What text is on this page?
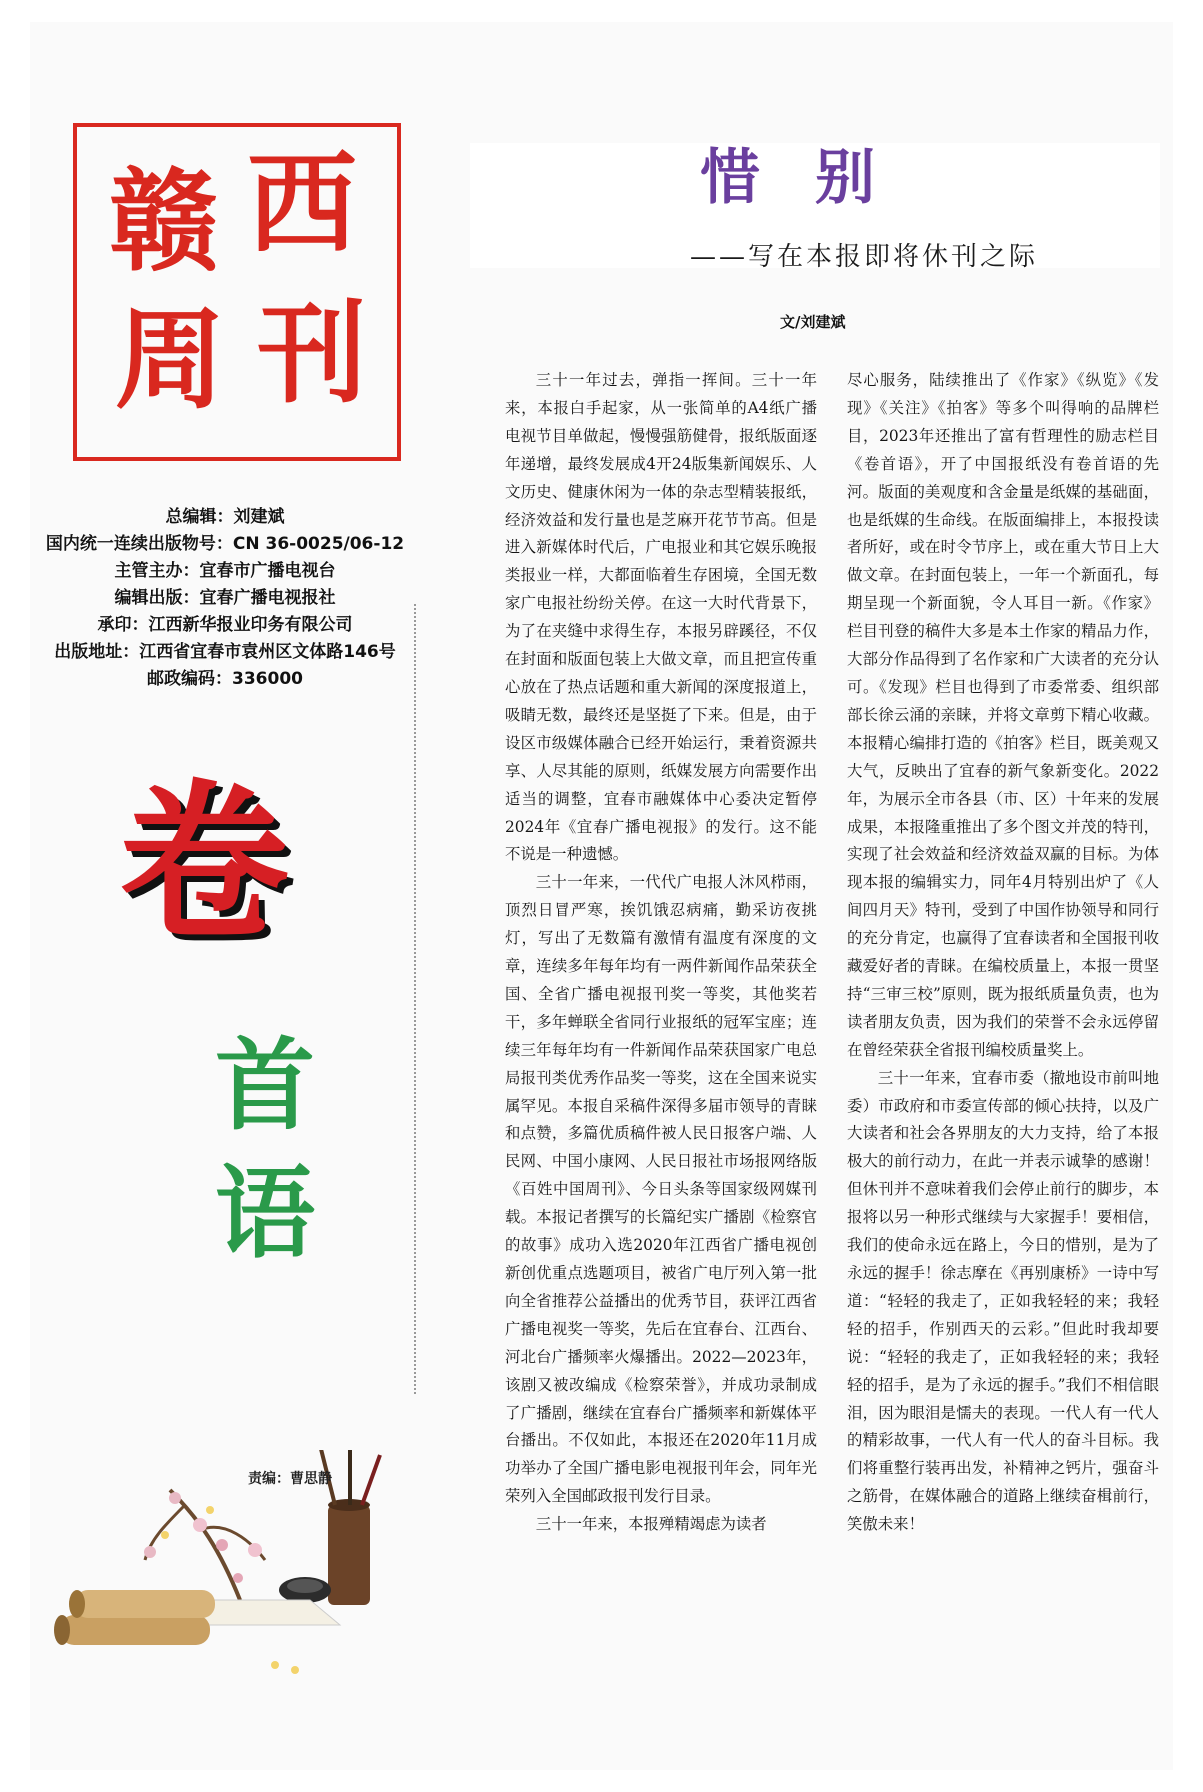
赣 西
周 刊
总编辑：刘建斌
国内统一连续出版物号：CN 36-0025/06-12
主管主办：宜春市广播电视台
编辑出版：宜春广播电视报社
承印：江西新华报业印务有限公司
出版地址：江西省宜春市袁州区文体路146号
邮政编码：336000
卷
首
语
责编：曹思静
惜别
——写在本报即将休刊之际
文/刘建斌

三十一年过去，弹指一挥间。三十一年来，本报白手起家，从一张简单的A4纸广播电视节目单做起，慢慢强筋健骨，报纸版面逐年递增，最终发展成4开24版集新闻娱乐、人文历史、健康休闲为一体的杂志型精装报纸，经济效益和发行量也是芝麻开花节节高。但是进入新媒体时代后，广电报业和其它娱乐晚报类报业一样，大都面临着生存困境，全国无数家广电报社纷纷关停。在这一大时代背景下，为了在夹缝中求得生存，本报另辟蹊径，不仅在封面和版面包装上大做文章，而且把宣传重心放在了热点话题和重大新闻的深度报道上，吸睛无数，最终还是坚挺了下来。但是，由于设区市级媒体融合已经开始运行，秉着资源共享、人尽其能的原则，纸媒发展方向需要作出适当的调整，宜春市融媒体中心委决定暂停2024年《宜春广播电视报》的发行。这不能不说是一种遗憾。

三十一年来，一代代广电报人沐风栉雨，顶烈日冒严寒，挨饥饿忍病痛，勤采访夜挑灯，写出了无数篇有激情有温度有深度的文章，连续多年每年均有一两件新闻作品荣获全国、全省广播电视报刊奖一等奖，其他奖若干，多年蝉联全省同行业报纸的冠军宝座；连续三年每年均有一件新闻作品荣获国家广电总局报刊类优秀作品奖一等奖，这在全国来说实属罕见。本报自采稿件深得多届市领导的青睐和点赞，多篇优质稿件被人民日报客户端、人民网、中国小康网、人民日报社市场报网络版《百姓中国周刊》、今日头条等国家级网媒刊载。本报记者撰写的长篇纪实广播剧《检察官的故事》成功入选2020年江西省广播电视创新创优重点选题项目，被省广电厅列入第一批向全省推荐公益播出的优秀节目，获评江西省广播电视奖一等奖，先后在宜春台、江西台、河北台广播频率火爆播出。2022—2023年，该剧又被改编成《检察荣誉》，并成功录制成了广播剧，继续在宜春台广播频率和新媒体平台播出。不仅如此，本报还在2020年11月成功举办了全国广播电影电视报刊年会，同年光荣列入全国邮政报刊发行目录。

三十一年来，本报殚精竭虑为读者

尽心服务，陆续推出了《作家》《纵览》《发现》《关注》《拍客》等多个叫得响的品牌栏目，2023年还推出了富有哲理性的励志栏目《卷首语》，开了中国报纸没有卷首语的先河。版面的美观度和含金量是纸媒的基础面，也是纸媒的生命线。在版面编排上，本报投读者所好，或在时令节序上，或在重大节日上大做文章。在封面包装上，一年一个新面孔，每期呈现一个新面貌，令人耳目一新。《作家》栏目刊登的稿件大多是本土作家的精品力作，大部分作品得到了名作家和广大读者的充分认可。《发现》栏目也得到了市委常委、组织部部长徐云涌的亲睐，并将文章剪下精心收藏。本报精心编排打造的《拍客》栏目，既美观又大气，反映出了宜春的新气象新变化。2022年，为展示全市各县（市、区）十年来的发展成果，本报隆重推出了多个图文并茂的特刊，实现了社会效益和经济效益双赢的目标。为体现本报的编辑实力，同年4月特别出炉了《人间四月天》特刊，受到了中国作协领导和同行的充分肯定，也赢得了宜春读者和全国报刊收藏爱好者的青睐。在编校质量上，本报一贯坚持“三审三校”原则，既为报纸质量负责，也为读者朋友负责，因为我们的荣誉不会永远停留在曾经荣获全省报刊编校质量奖上。

三十一年来，宜春市委（撤地设市前叫地委）市政府和市委宣传部的倾心扶持，以及广大读者和社会各界朋友的大力支持，给了本报极大的前行动力，在此一并表示诚挚的感谢！但休刊并不意味着我们会停止前行的脚步，本报将以另一种形式继续与大家握手！要相信，我们的使命永远在路上，今日的惜别，是为了永远的握手！徐志摩在《再别康桥》一诗中写道：“轻轻的我走了，正如我轻轻的来；我轻轻的招手，作别西天的云彩。”但此时我却要说：“轻轻的我走了，正如我轻轻的来；我轻轻的招手，是为了永远的握手。”我们不相信眼泪，因为眼泪是懦夫的表现。一代人有一代人的精彩故事，一代人有一代人的奋斗目标。我们将重整行装再出发，补精神之钙片，强奋斗之筋骨，在媒体融合的道路上继续奋楫前行，笑傲未来！
